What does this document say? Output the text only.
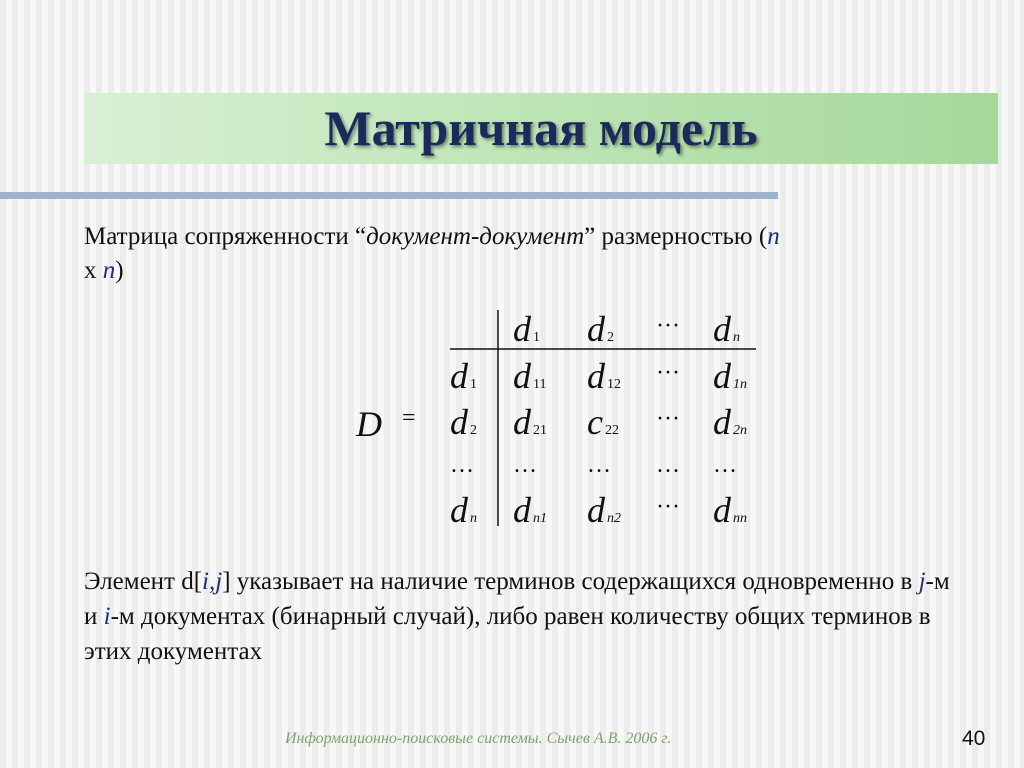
Матричная модель
Матрица сопряженности “документ-документ” размерностью (n
х n)
D =
d 1 d 2 ··· dn
d 1 d 11 d 12 ··· d 1n
d 2 d 21 c 22 ··· d 2n
… … … … …
dn dn1 dn2 ··· dnn
Элемент d[i,j] указывает на наличие терминов содержащихся одновременно в j-м и i-м документах (бинарный случай), либо равен количеству общих терминов в этих документах
Информационно-поисковые системы. Сычев А.В. 2006 г.	40
